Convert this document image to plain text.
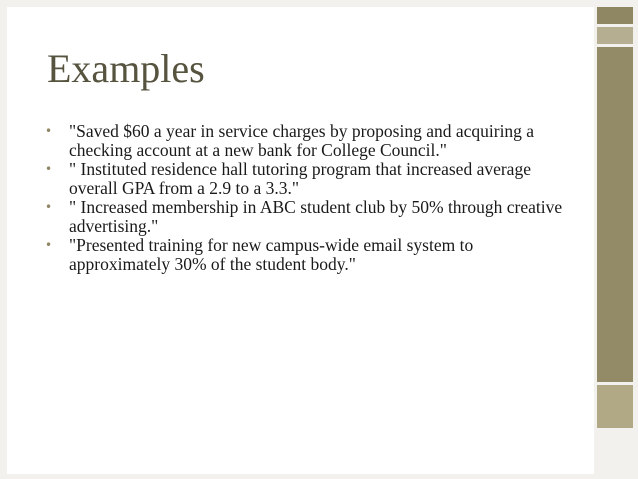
Examples
• "Saved $60 a year in service charges by proposing and acquiring a checking account at a new bank for College Council."
• " Instituted residence hall tutoring program that increased average overall GPA from a 2.9 to a 3.3."
• " Increased membership in ABC student club by 50% through creative advertising."
• "Presented training for new campus-wide email system to approximately 30% of the student body."
